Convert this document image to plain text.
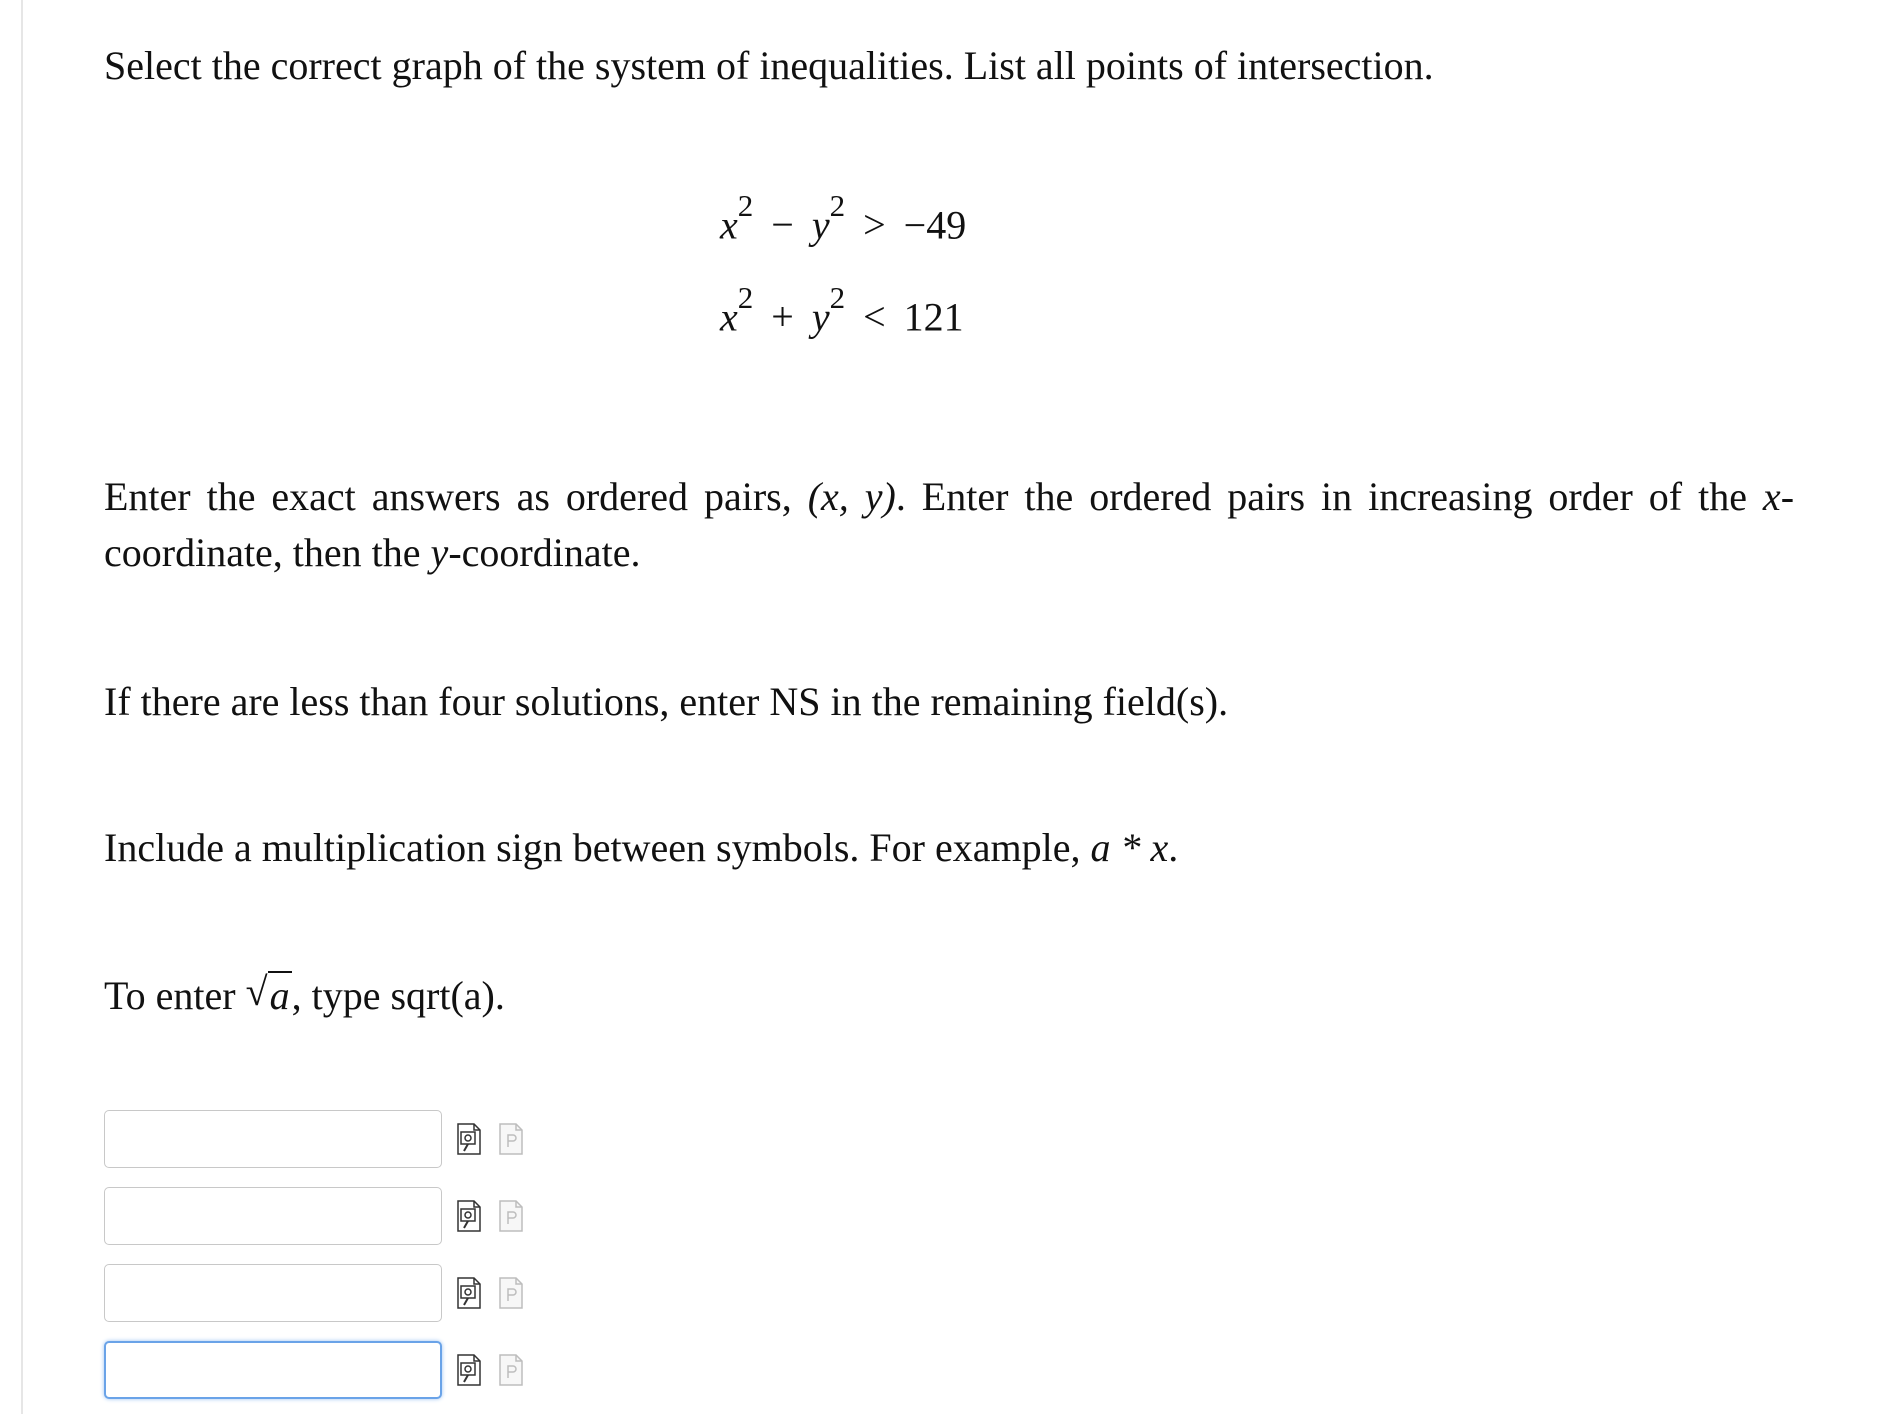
Select the correct graph of the system of inequalities. List all points of intersection.
$x^2 - y^2 > -49$
$x^2 + y^2 < 121$
Enter the exact answers as ordered pairs, (x, y). Enter the ordered pairs in increasing order of the x-coordinate, then the y-coordinate.
If there are less than four solutions, enter NS in the remaining field(s).
Include a multiplication sign between symbols. For example, a * x.
To enter √ a, type sqrt(a).
